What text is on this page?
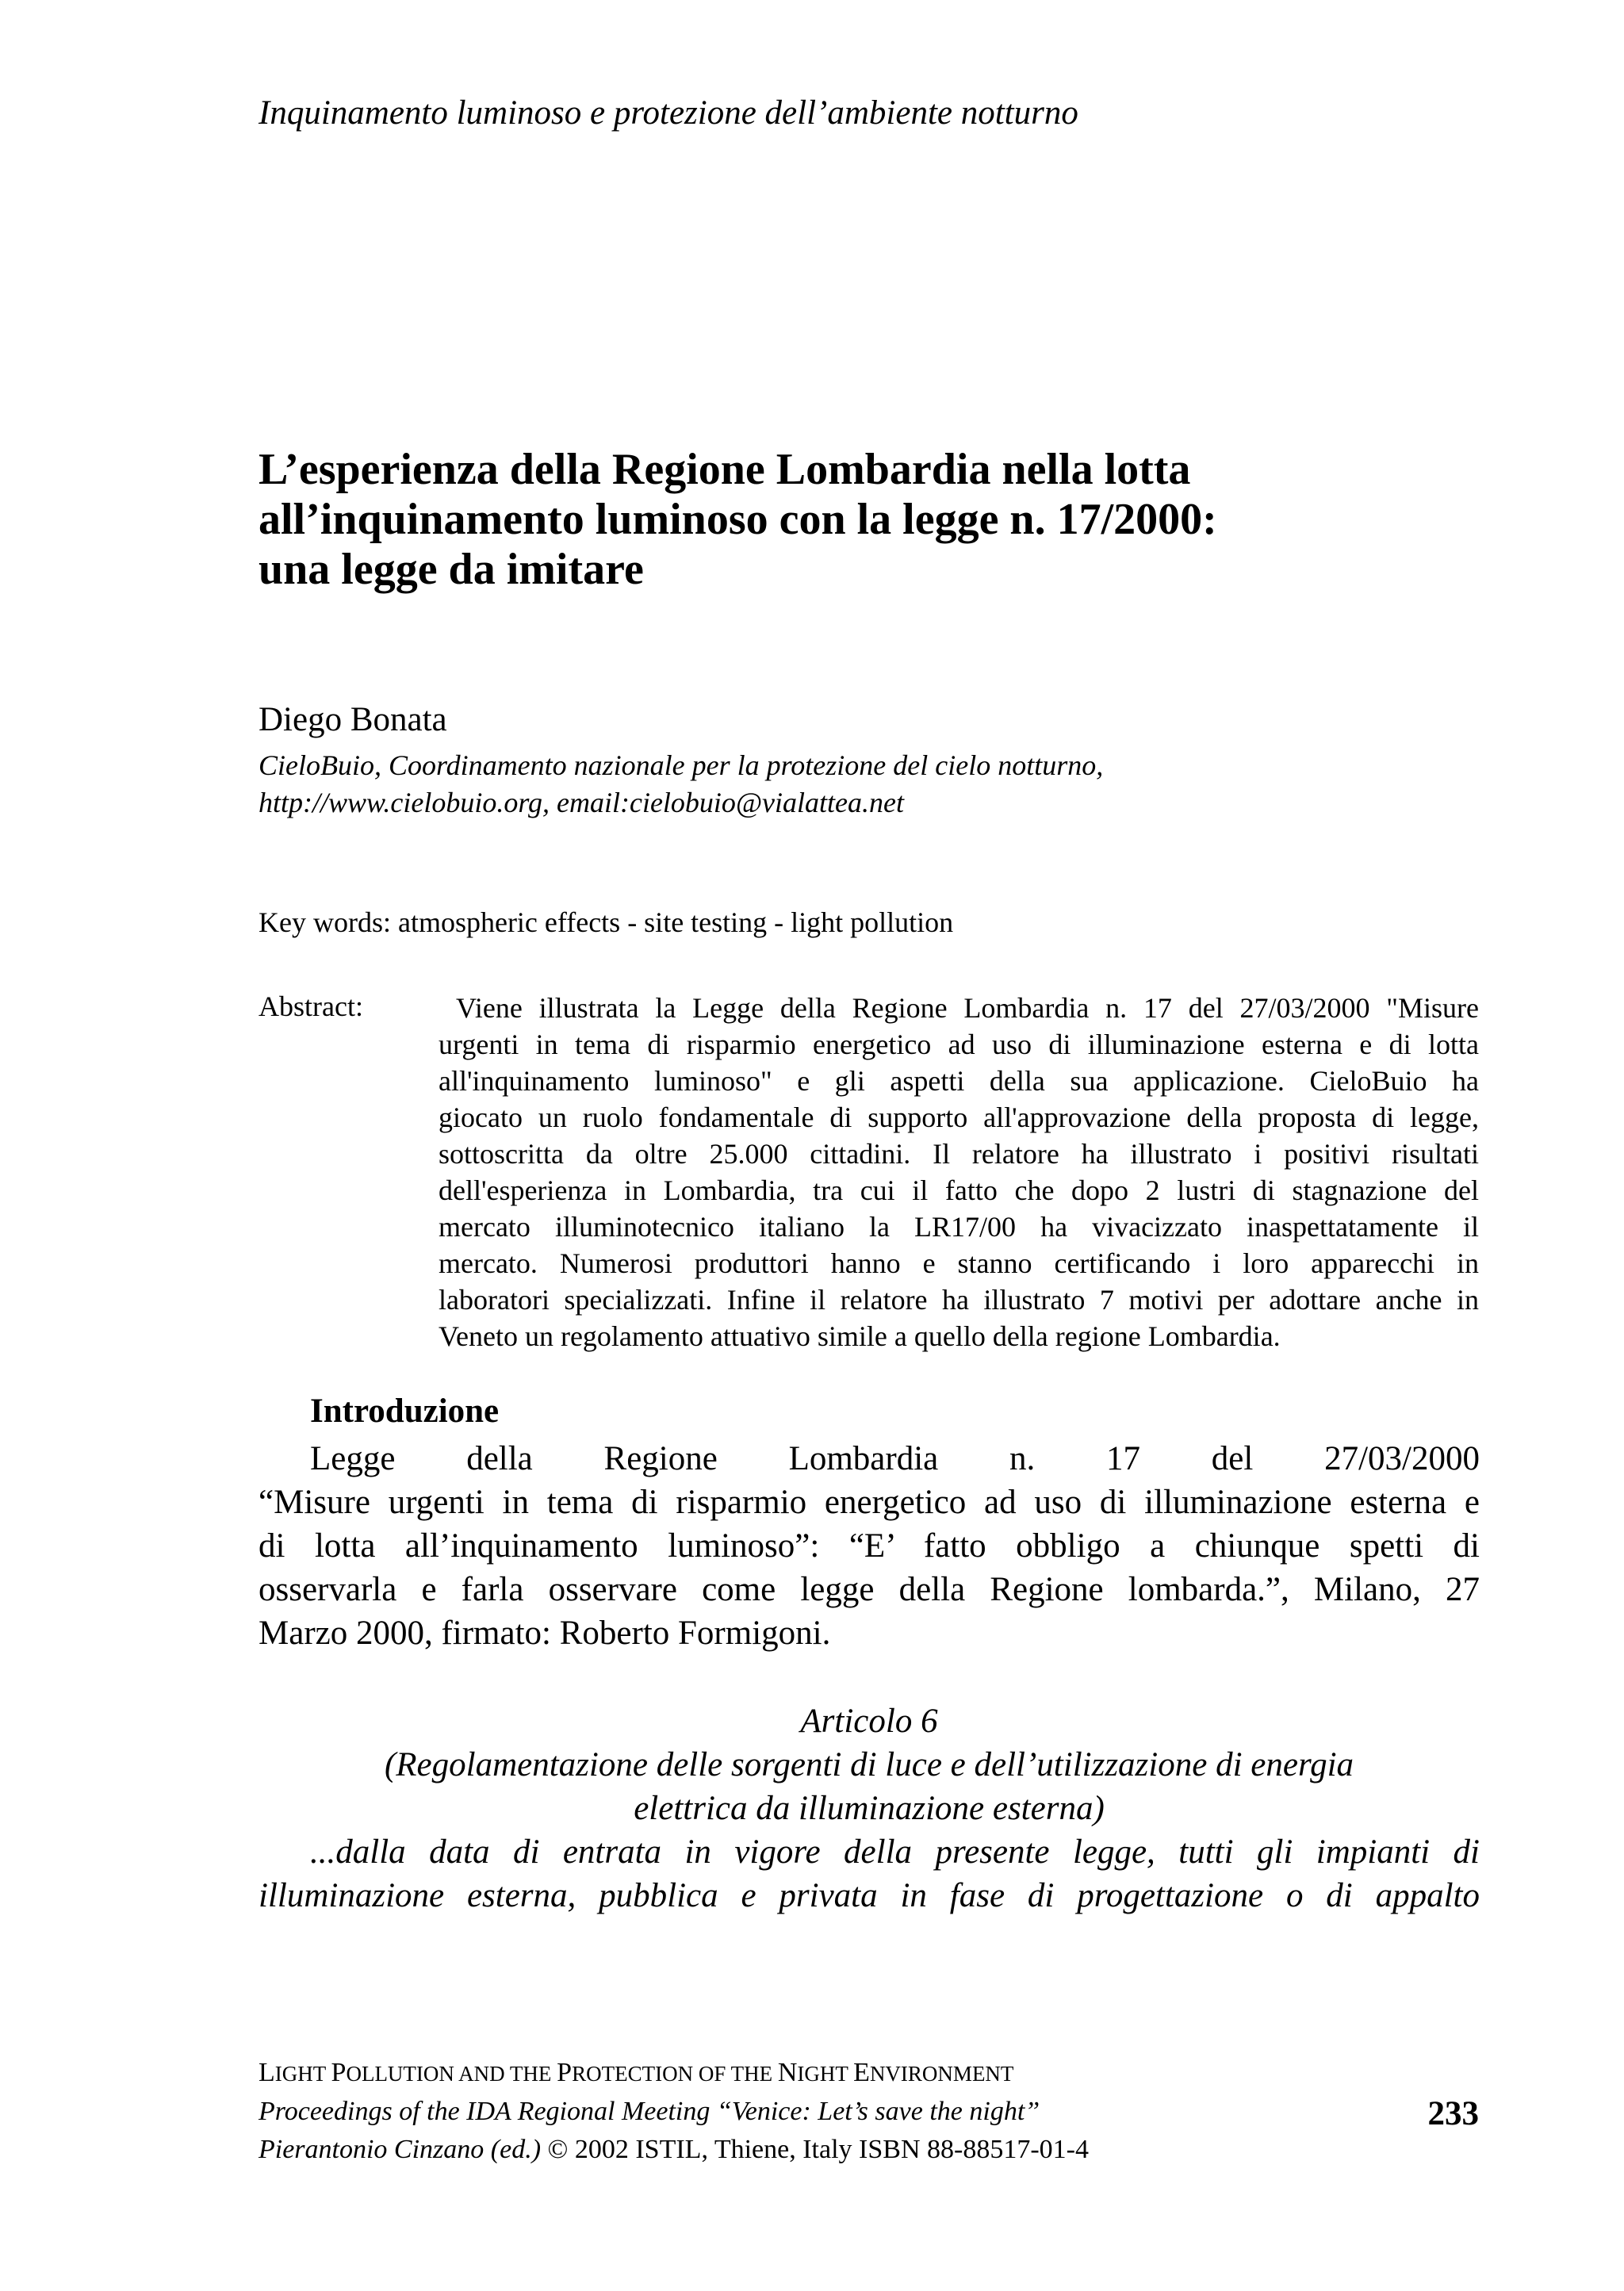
Inquinamento luminoso e protezione dell’ambiente notturno
L’esperienza della Regione Lombardia nella lotta
all’inquinamento luminoso con la legge n. 17/2000:
una legge da imitare
Diego Bonata
CieloBuio, Coordinamento nazionale per la protezione del cielo notturno,
http://www.cielobuio.org, email:cielobuio@vialattea.net
Key words: atmospheric effects - site testing - light pollution
Abstract:	Viene illustrata la Legge della Regione Lombardia n. 17 del 27/03/2000 "Misure
urgenti in tema di risparmio energetico ad uso di illuminazione esterna e di lotta
all'inquinamento luminoso" e gli aspetti della sua applicazione. CieloBuio ha
giocato un ruolo fondamentale di supporto all'approvazione della proposta di legge,
sottoscritta da oltre 25.000 cittadini. Il relatore ha illustrato i positivi risultati
dell'esperienza in Lombardia, tra cui il fatto che dopo 2 lustri di stagnazione del
mercato illuminotecnico italiano la LR17/00 ha vivacizzato inaspettatamente il
mercato. Numerosi produttori hanno e stanno certificando i loro apparecchi in
laboratori specializzati. Infine il relatore ha illustrato 7 motivi per adottare anche in
Veneto un regolamento attuativo simile a quello della regione Lombardia.
Introduzione
Legge della Regione Lombardia n. 17 del 27/03/2000
“Misure urgenti in tema di risparmio energetico ad uso di illuminazione esterna e
di lotta all’inquinamento luminoso”: “E’ fatto obbligo a chiunque spetti di
osservarla e farla osservare come legge della Regione lombarda.”, Milano, 27
Marzo 2000, firmato: Roberto Formigoni.
Articolo 6
(Regolamentazione delle sorgenti di luce e dell’utilizzazione di energia
elettrica da illuminazione esterna)
...dalla data di entrata in vigore della presente legge, tutti gli impianti di
illuminazione esterna, pubblica e privata in fase di progettazione o di appalto
LIGHT POLLUTION AND THE PROTECTION OF THE NIGHT ENVIRONMENT
Proceedings of the IDA Regional Meeting “Venice: Let’s save the night”
Pierantonio Cinzano (ed.) © 2002 ISTIL, Thiene, Italy ISBN 88-88517-01-4
233
